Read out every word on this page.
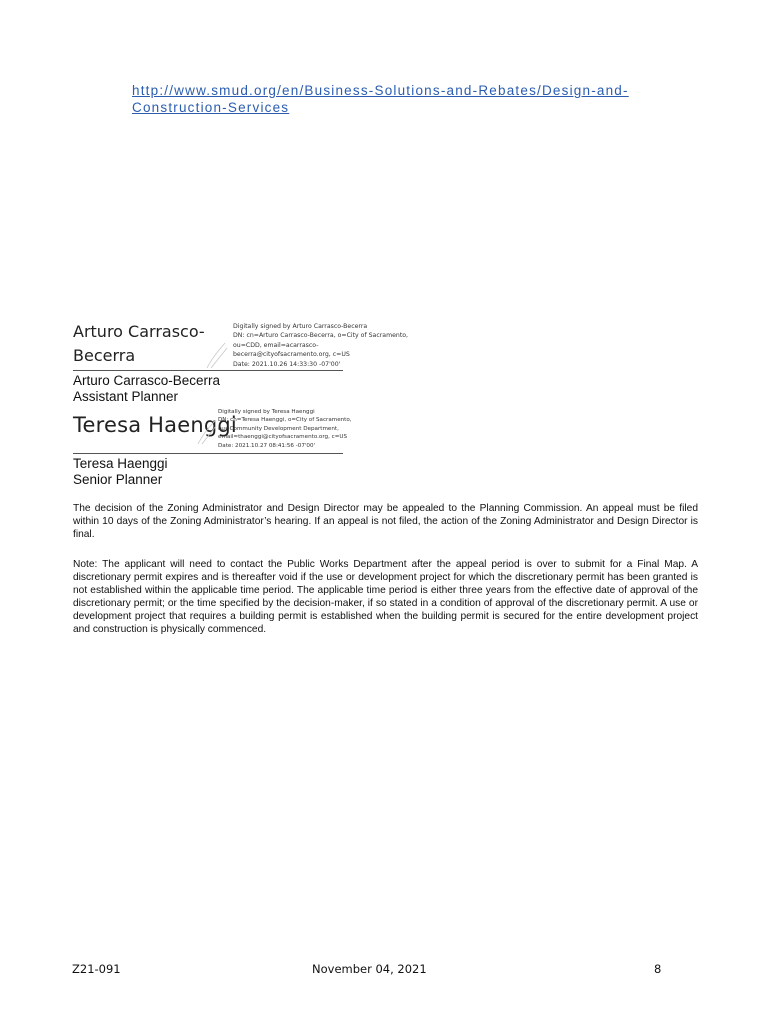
http://www.smud.org/en/Business-Solutions-and-Rebates/Design-and-
Construction-Services
Arturo Carrasco-
Becerra
Digitally signed by Arturo Carrasco-Becerra
DN: cn=Arturo Carrasco-Becerra, o=City of Sacramento,
ou=CDD, email=acarrasco-
becerra@cityofsacramento.org, c=US
Date: 2021.10.26 14:33:30 -07'00'
Arturo Carrasco-Becerra
Assistant Planner
Teresa Haenggi
Digitally signed by Teresa Haenggi
DN: cn=Teresa Haenggi, o=City of Sacramento,
ou=Community Development Department,
email=thaenggi@cityofsacramento.org, c=US
Date: 2021.10.27 08:41:56 -07'00'
Teresa Haenggi
Senior Planner

The decision of the Zoning Administrator and Design Director may be appealed to the Planning Commission. An appeal must be filed within 10 days of the Zoning Administrator’s hearing. If an appeal is not filed, the action of the Zoning Administrator and Design Director is final.

Note: The applicant will need to contact the Public Works Department after the appeal period is over to submit for a Final Map. A discretionary permit expires and is thereafter void if the use or development project for which the discretionary permit has been granted is not established within the applicable time period. The applicable time period is either three years from the effective date of approval of the discretionary permit; or the time specified by the decision-maker, if so stated in a condition of approval of the discretionary permit. A use or development project that requires a building permit is established when the building permit is secured for the entire development project and construction is physically commenced.

Z21-091	November 04, 2021	8
